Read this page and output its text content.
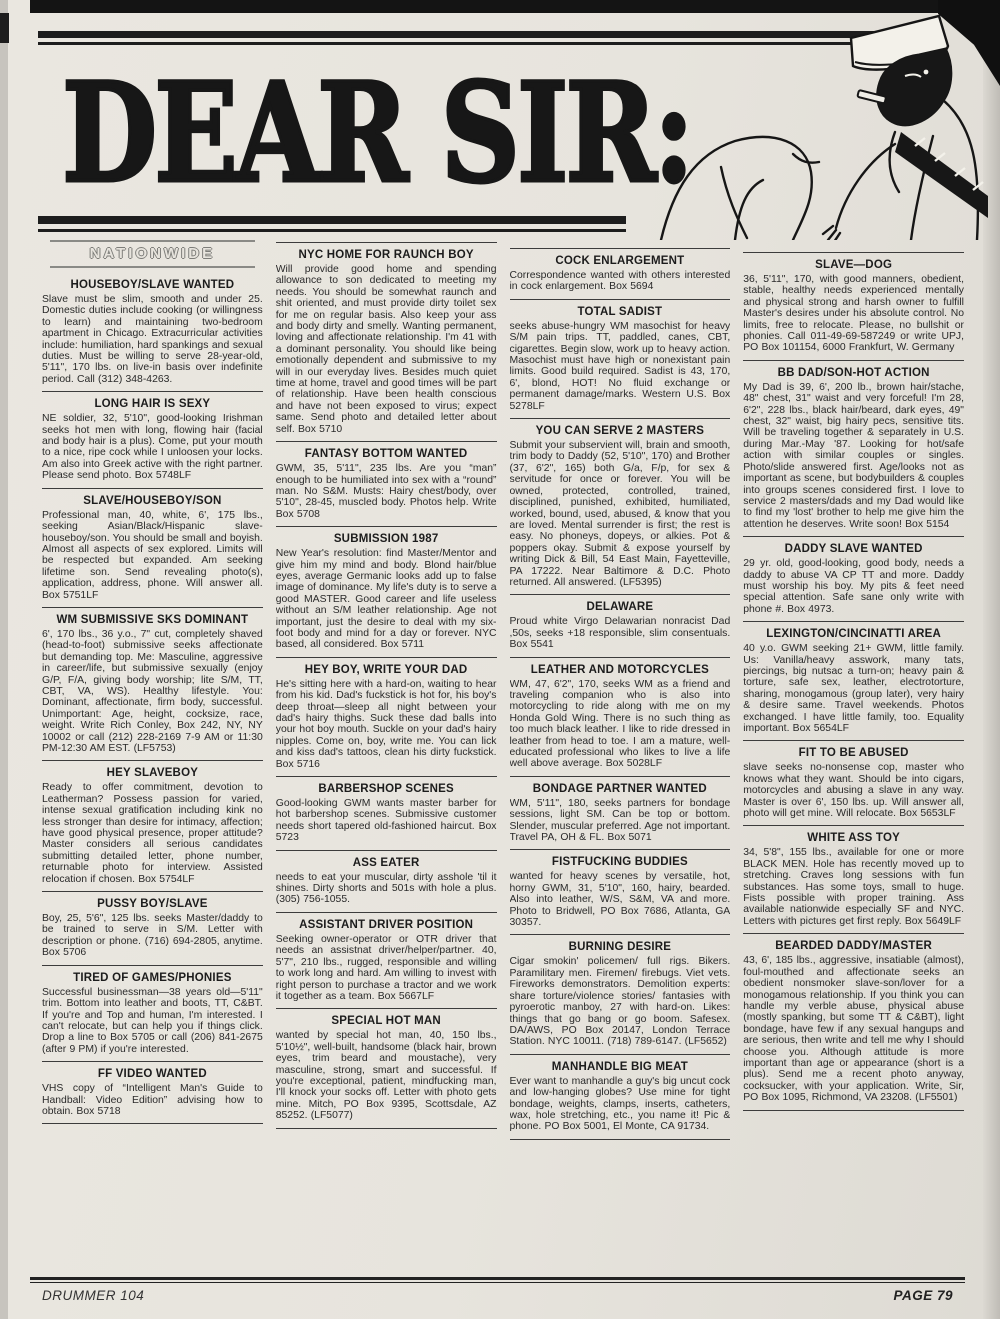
DEAR SIR:
NATIONWIDE
HOUSEBOY/SLAVE WANTED
Slave must be slim, smooth and under 25. Domestic duties include cooking (or willingness to learn) and maintaining two-bedroom apartment in Chicago. Extracurricular activities include: humiliation, hard spankings and sexual duties. Must be willing to serve 28-year-old, 5'11", 170 lbs. on live-in basis over indefinite period. Call (312) 348-4263.
LONG HAIR IS SEXY
NE soldier, 32, 5'10", good-looking Irishman seeks hot men with long, flowing hair (facial and body hair is a plus). Come, put your mouth to a nice, ripe cock while I unloosen your locks. Am also into Greek active with the right partner. Please send photo. Box 5748LF
SLAVE/HOUSEBOY/SON
Professional man, 40, white, 6', 175 lbs., seeking Asian/Black/Hispanic slave-houseboy/son. You should be small and boyish. Almost all aspects of sex explored. Limits will be respected but expanded. Am seeking lifetime son. Send revealing photo(s), application, address, phone. Will answer all. Box 5751LF
WM SUBMISSIVE SKS DOMINANT
6', 170 lbs., 36 y.o., 7" cut, completely shaved (head-to-foot) submissive seeks affectionate but demanding top. Me: Masculine, aggressive in career/life, but submissive sexually (enjoy G/P, F/A, giving body worship; lite S/M, TT, CBT, VA, WS). Healthy lifestyle. You: Dominant, affectionate, firm body, successful. Unimportant: Age, height, cocksize, race, weight. Write Rich Conley, Box 242, NY, NY 10002 or call (212) 228-2169 7-9 AM or 11:30 PM-12:30 AM EST. (LF5753)
HEY SLAVEBOY
Ready to offer commitment, devotion to Leatherman? Possess passion for varied, intense sexual gratification including kink no less stronger than desire for intimacy, affection; have good physical presence, proper attitude? Master considers all serious candidates submitting detailed letter, phone number, returnable photo for interview. Assisted relocation if chosen. Box 5754LF
PUSSY BOY/SLAVE
Boy, 25, 5'6", 125 lbs. seeks Master/daddy to be trained to serve in S/M. Letter with description or phone. (716) 694-2805, anytime. Box 5706
TIRED OF GAMES/PHONIES
Successful businessman—38 years old—5'11" trim. Bottom into leather and boots, TT, C&BT. If you're and Top and human, I'm interested. I can't relocate, but can help you if things click. Drop a line to Box 5705 or call (206) 841-2675 (after 9 PM) if you're interested.
FF VIDEO WANTED
VHS copy of “Intelligent Man's Guide to Handball: Video Edition” advising how to obtain. Box 5718
NYC HOME FOR RAUNCH BOY
Will provide good home and spending allowance to son dedicated to meeting my needs. You should be somewhat raunch and shit oriented, and must provide dirty toilet sex for me on regular basis. Also keep your ass and body dirty and smelly. Wanting permanent, loving and affectionate relationship. I'm 41 with a dominant personality. You should like being emotionally dependent and submissive to my will in our everyday lives. Besides much quiet time at home, travel and good times will be part of relationship. Have been health conscious and have not been exposed to virus; expect same. Send photo and detailed letter about self. Box 5710
FANTASY BOTTOM WANTED
GWM, 35, 5'11", 235 lbs. Are you “man” enough to be humiliated into sex with a “round” man. No S&M. Musts: Hairy chest/body, over 5'10", 28-45, muscled body. Photos help. Write Box 5708
SUBMISSION 1987
New Year's resolution: find Master/Mentor and give him my mind and body. Blond hair/blue eyes, average Germanic looks add up to false image of dominance. My life's duty is to serve a good MASTER. Good career and life useless without an S/M leather relationship. Age not important, just the desire to deal with my six-foot body and mind for a day or forever. NYC based, all considered. Box 5711
HEY BOY, WRITE YOUR DAD
He's sitting here with a hard-on, waiting to hear from his kid. Dad's fuckstick is hot for, his boy's deep throat—sleep all night between your dad's hairy thighs. Suck these dad balls into your hot boy mouth. Suckle on your dad's hairy nipples. Come on, boy, write me. You can lick and kiss dad's tattoos, clean his dirty fuckstick. Box 5716
BARBERSHOP SCENES
Good-looking GWM wants master barber for hot barbershop scenes. Submissive customer needs short tapered old-fashioned haircut. Box 5723
ASS EATER
needs to eat your muscular, dirty asshole 'til it shines. Dirty shorts and 501s with hole a plus. (305) 756-1055.
ASSISTANT DRIVER POSITION
Seeking owner-operator or OTR driver that needs an assistnat driver/helper/partner. 40, 5'7", 210 lbs., rugged, responsible and willing to work long and hard. Am willing to invest with right person to purchase a tractor and we work it together as a team. Box 5667LF
SPECIAL HOT MAN
wanted by special hot man, 40, 150 lbs., 5'10½", well-built, handsome (black hair, brown eyes, trim beard and moustache), very masculine, strong, smart and successful. If you're exceptional, patient, mindfucking man, I'll knock your socks off. Letter with photo gets mine. Mitch, PO Box 9395, Scottsdale, AZ 85252. (LF5077)
COCK ENLARGEMENT
Correspondence wanted with others interested in cock enlargement. Box 5694
TOTAL SADIST
seeks abuse-hungry WM masochist for heavy S/M pain trips. TT, paddled, canes, CBT, cigarettes. Begin slow, work up to heavy action. Masochist must have high or nonexistant pain limits. Good build required. Sadist is 43, 170, 6', blond, HOT! No fluid exchange or permanent damage/marks. Western U.S. Box 5278LF
YOU CAN SERVE 2 MASTERS
Submit your subservient will, brain and smooth, trim body to Daddy (52, 5'10", 170) and Brother (37, 6'2", 165) both G/a, F/p, for sex & servitude for once or forever. You will be owned, protected, controlled, trained, disciplined, punished, exhibited, humiliated, worked, bound, used, abused, & know that you are loved. Mental surrender is first; the rest is easy. No phoneys, dopeys, or alkies. Pot & poppers okay. Submit & expose yourself by writing Dick & Bill, 54 East Main, Fayetteville, PA 17222. Near Baltimore & D.C. Photo returned. All answered. (LF5395)
DELAWARE
Proud white Virgo Delawarian nonracist Dad ,50s, seeks +18 responsible, slim consentuals. Box 5541
LEATHER AND MOTORCYCLES
WM, 47, 6'2", 170, seeks WM as a friend and traveling companion who is also into motorcycling to ride along with me on my Honda Gold Wing. There is no such thing as too much black leather. I like to ride dressed in leather from head to toe. I am a mature, well-educated professional who likes to live a life well above average. Box 5028LF
BONDAGE PARTNER WANTED
WM, 5'11", 180, seeks partners for bondage sessions, light SM. Can be top or bottom. Slender, muscular preferred. Age not important. Travel PA, OH & FL. Box 5071
FISTFUCKING BUDDIES
wanted for heavy scenes by versatile, hot, horny GWM, 31, 5'10", 160, hairy, bearded. Also into leather, W/S, S&M, VA and more. Photo to Bridwell, PO Box 7686, Atlanta, GA 30357.
BURNING DESIRE
Cigar smokin' policemen/ full rigs. Bikers. Paramilitary men. Firemen/ firebugs. Viet vets. Fireworks demonstrators. Demolition experts: share torture/violence stories/ fantasies with pyroerotic manboy, 27 with hard-on. Likes: things that go bang or go boom. Safesex. DA/AWS, PO Box 20147, London Terrace Station. NYC 10011. (718) 789-6147. (LF5652)
MANHANDLE BIG MEAT
Ever want to manhandle a guy's big uncut cock and low-hanging globes? Use mine for tight bondage, weights, clamps, inserts, catheters, wax, hole stretching, etc., you name it! Pic & phone. PO Box 5001, El Monte, CA 91734.
SLAVE—DOG
36, 5'11", 170, with good manners, obedient, stable, healthy needs experienced mentally and physical strong and harsh owner to fulfill Master's desires under his absolute control. No limits, free to relocate. Please, no bullshit or phonies. Call 011-49-69-587249 or write UPJ, PO Box 101154, 6000 Frankfurt, W. Germany
BB DAD/SON-HOT ACTION
My Dad is 39, 6', 200 lb., brown hair/stache, 48" chest, 31" waist and very forceful! I'm 28, 6'2", 228 lbs., black hair/beard, dark eyes, 49" chest, 32" waist, big hairy pecs, sensitive tits. Will be traveling together & separately in U.S. during Mar.-May '87. Looking for hot/safe action with similar couples or singles. Photo/slide answered first. Age/looks not as important as scene, but bodybuilders & couples into groups scenes considered first. I love to service 2 masters/dads and my Dad would like to find my 'lost' brother to help me give him the attention he deserves. Write soon! Box 5154
DADDY SLAVE WANTED
29 yr. old, good-looking, good body, needs a daddy to abuse VA CP TT and more. Daddy must worship his boy. My pits & feet need special attention. Safe sane only write with phone #. Box 4973.
LEXINGTON/CINCINATTI AREA
40 y.o. GWM seeking 21+ GWM, little family. Us: Vanilla/heavy asswork, many tats, piercings, big nutsac a turn-on; heavy pain & torture, safe sex, leather, electrotorture, sharing, monogamous (group later), very hairy & desire same. Travel weekends. Photos exchanged. I have little family, too. Equality important. Box 5654LF
FIT TO BE ABUSED
slave seeks no-nonsense cop, master who knows what they want. Should be into cigars, motorcycles and abusing a slave in any way. Master is over 6', 150 lbs. up. Will answer all, photo will get mine. Will relocate. Box 5653LF
WHITE ASS TOY
34, 5'8", 155 lbs., available for one or more BLACK MEN. Hole has recently moved up to stretching. Craves long sessions with fun substances. Has some toys, small to huge. Fists possible with proper training. Ass available nationwide especially SF and NYC. Letters with pictures get first reply. Box 5649LF
BEARDED DADDY/MASTER
43, 6', 185 lbs., aggressive, insatiable (almost), foul-mouthed and affectionate seeks an obedient nonsmoker slave-son/lover for a monogamous relationship. If you think you can handle my verble abuse, physical abuse (mostly spanking, but some TT & C&BT), light bondage, have few if any sexual hangups and are serious, then write and tell me why I should choose you. Although attitude is more important than age or appearance (short is a plus). Send me a recent photo anyway, cocksucker, with your application. Write, Sir, PO Box 1095, Richmond, VA 23208. (LF5501)
DRUMMER 104	PAGE 79
